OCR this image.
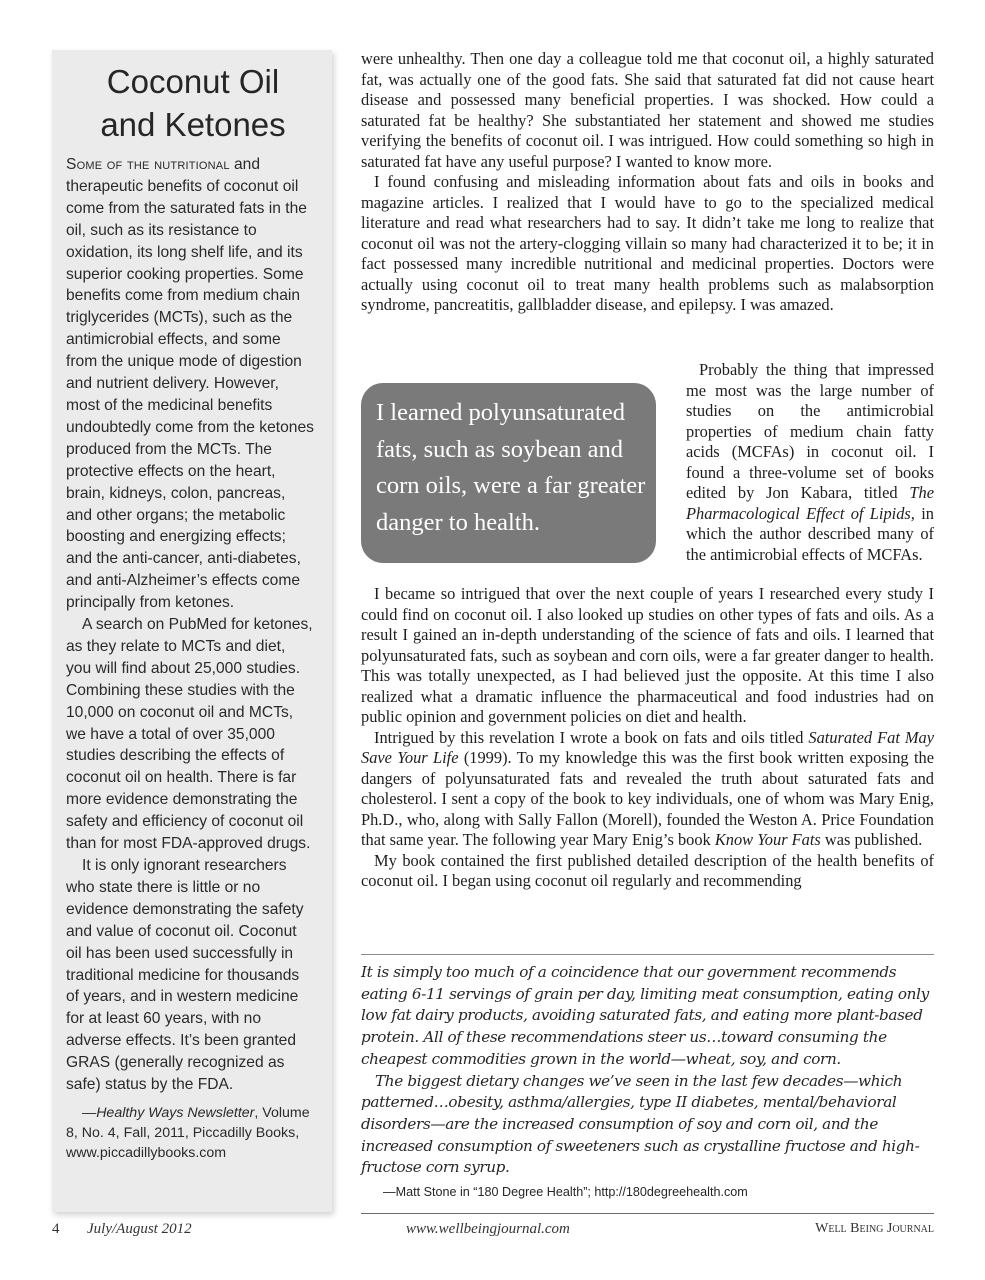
Coconut Oil
and Ketones

Some of the nutritional and therapeutic benefits of coconut oil come from the saturated fats in the oil, such as its resistance to oxidation, its long shelf life, and its superior cooking properties. Some benefits come from medium chain triglycerides (MCTs), such as the antimicrobial effects, and some from the unique mode of digestion and nutrient delivery. However, most of the medicinal benefits undoubtedly come from the ketones produced from the MCTs. The protective effects on the heart, brain, kidneys, colon, pancreas, and other organs; the metabolic boosting and energizing effects; and the anti-cancer, anti-diabetes, and anti-Alzheimer’s effects come principally from ketones.

A search on PubMed for ketones, as they relate to MCTs and diet, you will find about 25,000 studies. Combining these studies with the 10,000 on coconut oil and MCTs, we have a total of over 35,000 studies describing the effects of coconut oil on health. There is far more evidence demonstrating the safety and efficiency of coconut oil than for most FDA-approved drugs.

It is only ignorant researchers who state there is little or no evidence demonstrating the safety and value of coconut oil. Coconut oil has been used successfully in traditional medicine for thousands of years, and in western medicine for at least 60 years, with no adverse effects. It’s been granted GRAS (generally recognized as safe) status by the FDA.

—Healthy Ways Newsletter, Volume 8, No. 4, Fall, 2011, Piccadilly Books, www.piccadillybooks.com

were unhealthy. Then one day a colleague told me that coconut oil, a highly saturated fat, was actually one of the good fats. She said that saturated fat did not cause heart disease and possessed many beneficial properties. I was shocked. How could a saturated fat be healthy? She substantiated her statement and showed me studies verifying the benefits of coconut oil. I was intrigued. How could something so high in saturated fat have any useful purpose? I wanted to know more.

I found confusing and misleading information about fats and oils in books and magazine articles. I realized that I would have to go to the specialized medical literature and read what researchers had to say. It didn’t take me long to realize that coconut oil was not the artery-clogging villain so many had characterized it to be; it in fact possessed many incredible nutritional and medicinal properties. Doctors were actually using coconut oil to treat many health problems such as malabsorption syndrome, pancreatitis, gallbladder disease, and epilepsy. I was amazed.

I learned polyunsaturated fats, such as soybean and corn oils, were a far greater danger to health.

Probably the thing that impressed me most was the large number of studies on the antimicrobial properties of medium chain fatty acids (MCFAs) in coconut oil. I found a three-volume set of books edited by Jon Kabara, titled The Pharmacological Effect of Lipids, in which the author described many of the antimicrobial effects of MCFAs.

I became so intrigued that over the next couple of years I researched every study I could find on coconut oil. I also looked up studies on other types of fats and oils. As a result I gained an in-depth understanding of the science of fats and oils. I learned that polyunsaturated fats, such as soybean and corn oils, were a far greater danger to health. This was totally unexpected, as I had believed just the opposite. At this time I also realized what a dramatic influence the pharmaceutical and food industries had on public opinion and government policies on diet and health.

Intrigued by this revelation I wrote a book on fats and oils titled Saturated Fat May Save Your Life (1999). To my knowledge this was the first book written exposing the dangers of polyunsaturated fats and revealed the truth about saturated fats and cholesterol. I sent a copy of the book to key individuals, one of whom was Mary Enig, Ph.D., who, along with Sally Fallon (Morell), founded the Weston A. Price Foundation that same year. The following year Mary Enig’s book Know Your Fats was published.

My book contained the first published detailed description of the health benefits of coconut oil. I began using coconut oil regularly and recommending

It is simply too much of a coincidence that our government recommends eating 6-11 servings of grain per day, limiting meat consumption, eating only low fat dairy products, avoiding saturated fats, and eating more plant-based protein. All of these recommendations steer us…toward consuming the cheapest commodities grown in the world—wheat, soy, and corn.

The biggest dietary changes we’ve seen in the last few decades—which patterned…obesity, asthma/allergies, type II diabetes, mental/behavioral disorders—are the increased consumption of soy and corn oil, and the increased consumption of sweeteners such as crystalline fructose and high-fructose corn syrup.

—Matt Stone in “180 Degree Health”; http://180degreehealth.com

4 July/August 2012	www.wellbeingjournal.com	Well Being Journal
